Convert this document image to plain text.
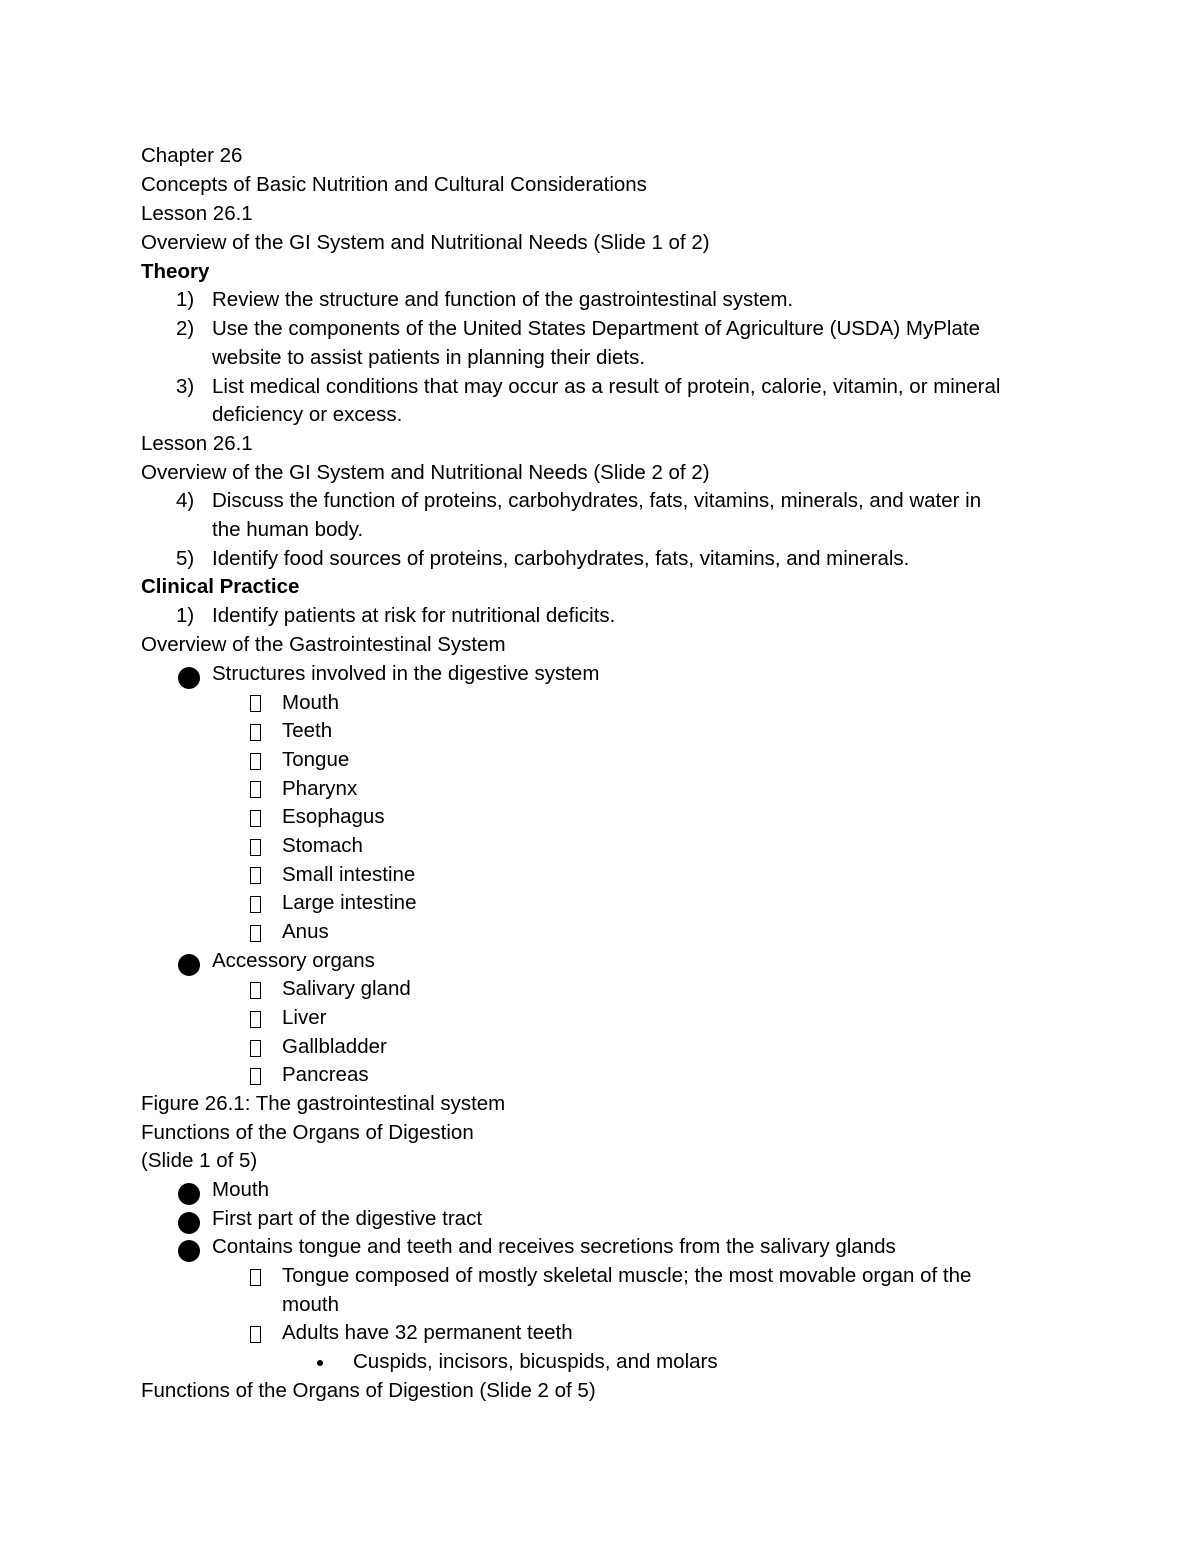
Chapter 26
Concepts of Basic Nutrition and Cultural Considerations
Lesson 26.1
Overview of the GI System and Nutritional Needs (Slide 1 of 2)
Theory
1) Review the structure and function of the gastrointestinal system.
2) Use the components of the United States Department of Agriculture (USDA) MyPlate
website to assist patients in planning their diets.
3) List medical conditions that may occur as a result of protein, calorie, vitamin, or mineral
deficiency or excess.
Lesson 26.1
Overview of the GI System and Nutritional Needs (Slide 2 of 2)
4) Discuss the function of proteins, carbohydrates, fats, vitamins, minerals, and water in
the human body.
5) Identify food sources of proteins, carbohydrates, fats, vitamins, and minerals.
Clinical Practice
1) Identify patients at risk for nutritional deficits.
Overview of the Gastrointestinal System
Structures involved in the digestive system
Mouth
Teeth
Tongue
Pharynx
Esophagus
Stomach
Small intestine
Large intestine
Anus
Accessory organs
Salivary gland
Liver
Gallbladder
Pancreas
Figure 26.1: The gastrointestinal system
Functions of the Organs of Digestion
(Slide 1 of 5)
Mouth
First part of the digestive tract
Contains tongue and teeth and receives secretions from the salivary glands
Tongue composed of mostly skeletal muscle; the most movable organ of the
mouth
Adults have 32 permanent teeth
Cuspids, incisors, bicuspids, and molars
Functions of the Organs of Digestion (Slide 2 of 5)
